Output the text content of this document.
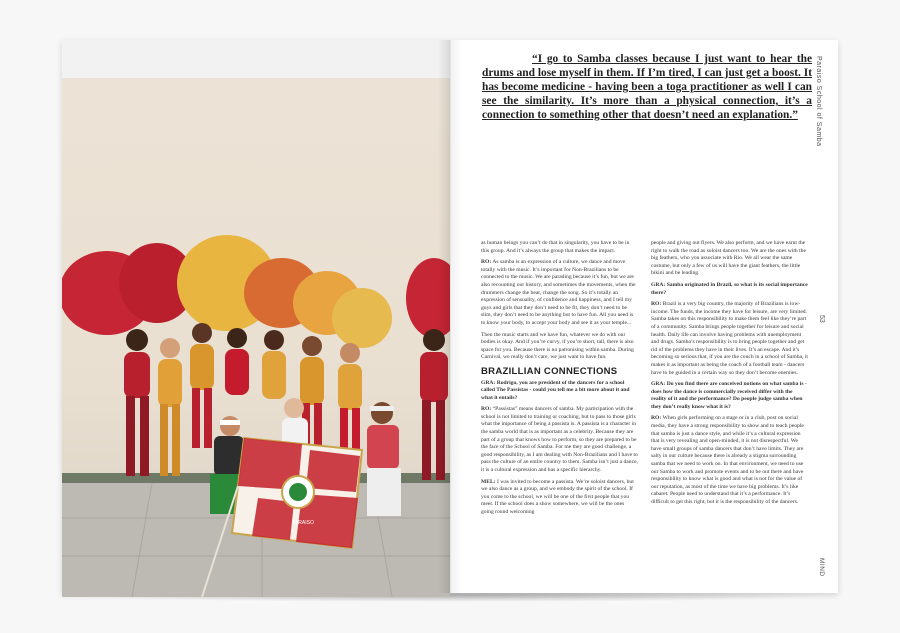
PARAISO
“I go to Samba classes because I just want to hear the drums and lose myself in them. If I’m tired, I can just get a boost. It has become medicine - having been a toga practitioner as well I can see the similarity. It’s more than a physical connection, it’s a connection to something other that doesn’t need an explanation.”	Paraiso School of Samba
53
MIND

as human beings you can’t do that in singularity, you have to be in this group. And it’s always the group that makes the impact.

RO: As samba is an expression of a culture, we dance and move totally with the music. It’s important for Non-Brazilians to be connected to the music. We are parading because it’s fun, but we are also recounting our history, and sometimes the movements, when the drummers change the beat, change the song. So it’s totally an expression of sensuality, of confidence and happiness, and I tell my guys and girls that they don’t need to be fit, they don’t need to be slim, they don’t need to be anything but to have fun. All you need is to know your body, to accept your body and see it as your temple...

Then the music starts and we have fun, whatever we do with our bodies is okay. And if you’re curvy, if you’re short, tall, there is also space for you. Because there is no patronising within samba. During Carnival, we really don’t care, we just want to have fun.

BRAZILLIAN CONNECTIONS

GRA: Rodrigo, you are president of the dancers for a school called The Passistas - could you tell me a bit more about it and what it entails?

RO: “Passistas” means dancers of samba. My participation with the school is not limited to training or coaching, but to pass to those girls what the importance of being a passista is. A passista is a character in the samba world that is as important as a celebrity. Because they are part of a group that knows how to perform, so they are prepared to be the face of the School of Samba. For me they are good challenge, a good responsibility, as I am dealing with Non-Brazilians and I have to pass the culture of an entire country to them. Samba isn’t just a dance, it is a cultural expression and has a specific hierarchy.

MEL: I was invited to become a passista. We’re soloist dancers, but we also dance as a group, and we embody the spirit of the school. If you come to the school, we will be one of the first people that you meet. If the school does a show somewhere, we will be the ones going round welcoming

people and giving out flyers. We also perform, and we have earnt the right to walk the road as soloist dancers too. We are the ones with the big feathers, who you associate with Rio. We all wear the same costume, but only a few of us will have the giant feathers, the little bikini and be leading.

GRA: Samba originated in Brazil, so what is its social importance there?

RO: Brazil is a very big country, the majority of Brazilians is low-income. The funds, the income they have for leisure, are very limited. Samba takes on this responsibility to make them feel like they’re part of a community. Samba brings people together for leisure and social health. Daily life can involve having problems with unemployment and drugs. Samba’s responsibility is to bring people together and get rid of the problems they have in their lives. It’s an escape. And it’s becoming so serious that, if you are the couch in a school of Samba, it makes it as important as being the coach of a football team - dancers have to be guided in a certain way so they don’t become enemies.

GRA: Do you find there are conceived notions on what samba is - does how the dance is commercially received differ with the reality of it and the performance? Do people judge samba when they don’t really know what it is?

RO: When girls performing on a stage or in a club, post on social media, they have a strong responsibility to show and to teach people that samba is just a dance style, and while it’s a cultural expression that is very revealing and open-minded, it is not disrespectful. We have small groups of samba dancers that don’t have limits. They are salty in our culture because there is already a stigma surrounding samba that we need to work on. In that environment, we need to use our Samba to work and promote events and to be out there and have responsibility to know what is good and what is not for the value of our reputation, as most of the time we have big problems. It’s like cabaret. People need to understand that it’s a performance. It’s difficult to get this right, but it is the responsibility of the dancers.
